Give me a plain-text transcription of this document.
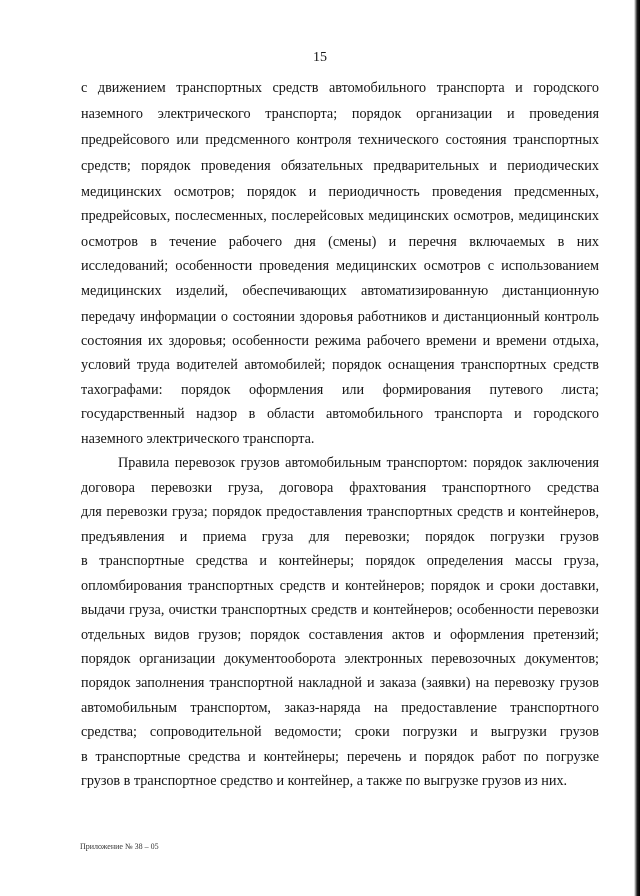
15
с движением транспортных средств автомобильного транспорта и городского
наземного электрического транспорта; порядок организации и проведения
предрейсового или предсменного контроля технического состояния транспортных
средств; порядок проведения обязательных предварительных и периодических
медицинских осмотров; порядок и периодичность проведения предсменных,
предрейсовых, послесменных, послерейсовых медицинских осмотров, медицинских
осмотров в течение рабочего дня (смены) и перечня включаемых в них
исследований; особенности проведения медицинских осмотров с использованием
медицинских изделий, обеспечивающих автоматизированную дистанционную
передачу информации о состоянии здоровья работников и дистанционный контроль
состояния их здоровья; особенности режима рабочего времени и времени отдыха,
условий труда водителей автомобилей; порядок оснащения транспортных средств
тахографами: порядок оформления или формирования путевого листа;
государственный надзор в области автомобильного транспорта и городского
наземного электрического транспорта.
Правила перевозок грузов автомобильным транспортом: порядок заключения
договора перевозки груза, договора фрахтования транспортного средства
для перевозки груза; порядок предоставления транспортных средств и контейнеров,
предъявления и приема груза для перевозки; порядок погрузки грузов
в транспортные средства и контейнеры; порядок определения массы груза,
опломбирования транспортных средств и контейнеров; порядок и сроки доставки,
выдачи груза, очистки транспортных средств и контейнеров; особенности перевозки
отдельных видов грузов; порядок составления актов и оформления претензий;
порядок организации документооборота электронных перевозочных документов;
порядок заполнения транспортной накладной и заказа (заявки) на перевозку грузов
автомобильным транспортом, заказ-наряда на предоставление транспортного
средства; сопроводительной ведомости; сроки погрузки и выгрузки грузов
в транспортные средства и контейнеры; перечень и порядок работ по погрузке
грузов в транспортное средство и контейнер, а также по выгрузке грузов из них.
Приложение № 38 – 05
